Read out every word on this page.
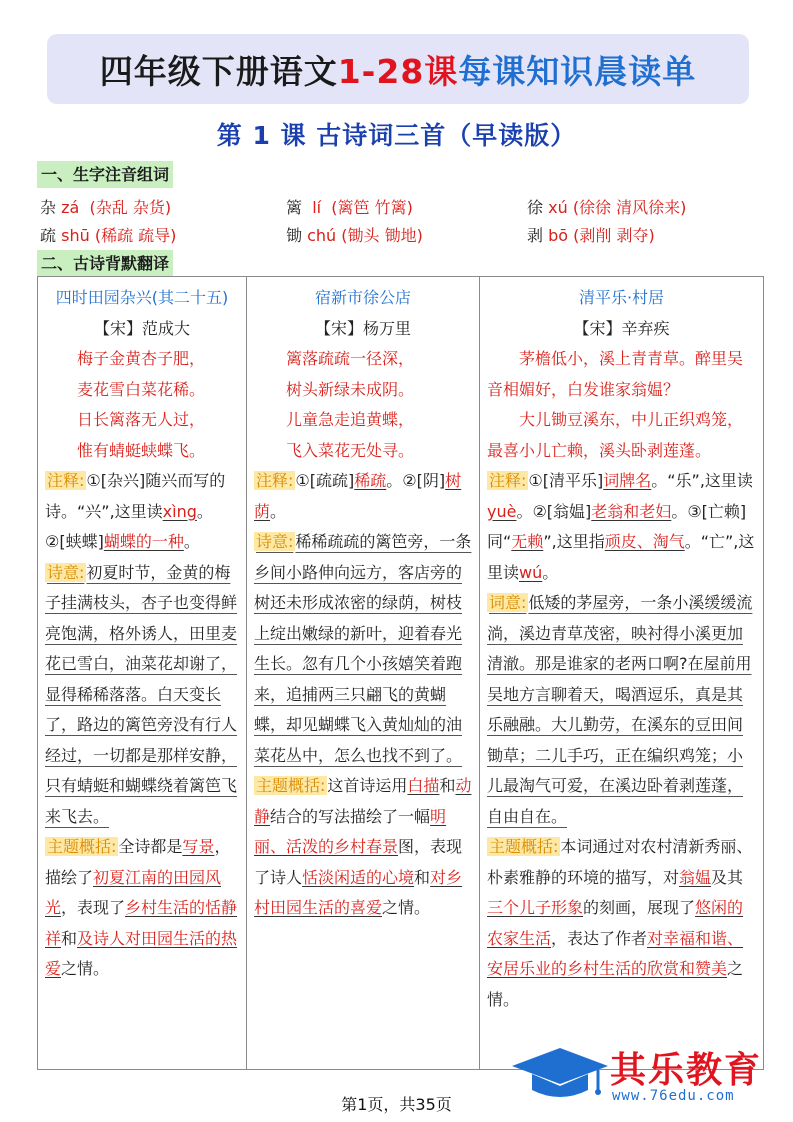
四年级下册语文 1-28课 每课知识晨读单
第 1 课 古诗词三首（早读版）
一、生字注音组词
杂 zá (杂乱 杂货)	篱 lí (篱笆 竹篱)	徐 xú (徐徐 清风徐来)
疏 shū (稀疏 疏导)	锄 chú (锄头 锄地)	剥 bō (剥削 剥夺)
二、古诗背默翻译
四时田园杂兴(其二十五)
【宋】范成大
梅子金黄杏子肥，
麦花雪白菜花稀。
日长篱落无人过，
惟有蜻蜓蛱蝶飞。
注释: ①[杂兴]随兴而写的诗。“兴”,这里读xìng。②[蛱蝶]蝴蝶的一种。
诗意: 初夏时节，金黄的梅子挂满枝头，杏子也变得鲜亮饱满，格外诱人，田里麦花已雪白，油菜花却谢了，显得稀稀落落。白天变长了，路边的篱笆旁没有行人经过，一切都是那样安静，只有蜻蜓和蝴蝶绕着篱笆飞来飞去。
主题概括: 全诗都是写景，描绘了初夏江南的田园风光，表现了乡村生活的恬静祥和及诗人对田园生活的热爱之情。
宿新市徐公店
【宋】杨万里
篱落疏疏一径深，
树头新绿未成阴。
儿童急走追黄蝶，
飞入菜花无处寻。
注释: ①[疏疏]稀疏。②[阴]树荫。
诗意: 稀稀疏疏的篱笆旁，一条乡间小路伸向远方，客店旁的树还未形成浓密的绿荫，树枝上绽出嫩绿的新叶，迎着春光生长。忽有几个小孩嬉笑着跑来，追捕两三只翩飞的黄蝴蝶，却见蝴蝶飞入黄灿灿的油菜花丛中，怎么也找不到了。
主题概括: 这首诗运用白描和动静结合的写法描绘了一幅明丽、活泼的乡村春景图，表现了诗人恬淡闲适的心境和对乡村田园生活的喜爱之情。
清平乐·村居
【宋】辛弃疾
茅檐低小，溪上青青草。醉里吴音相媚好，白发谁家翁媪？
大儿锄豆溪东，中儿正织鸡笼，最喜小儿亡赖，溪头卧剥莲蓬。
注释: ①[清平乐]词牌名。“乐”,这里读yuè。②[翁媪]老翁和老妇。③[亡赖]同“无赖”,这里指顽皮、淘气。“亡”,这里读wú。
词意: 低矮的茅屋旁，一条小溪缓缓流淌，溪边青草茂密，映衬得小溪更加清澈。那是谁家的老两口啊?在屋前用吴地方言聊着天，喝酒逗乐，真是其乐融融。大儿勤劳，在溪东的豆田间锄草；二儿手巧，正在编织鸡笼；小儿最淘气可爱，在溪边卧着剥莲蓬，自由自在。
主题概括: 本词通过对农村清新秀丽、朴素雅静的环境的描写，对翁媪及其三个儿子形象的刻画，展现了悠闲的农家生活，表达了作者对幸福和谐、安居乐业的乡村生活的欣赏和赞美之情。
其乐教育
www.76edu.com
第1页，共35页
